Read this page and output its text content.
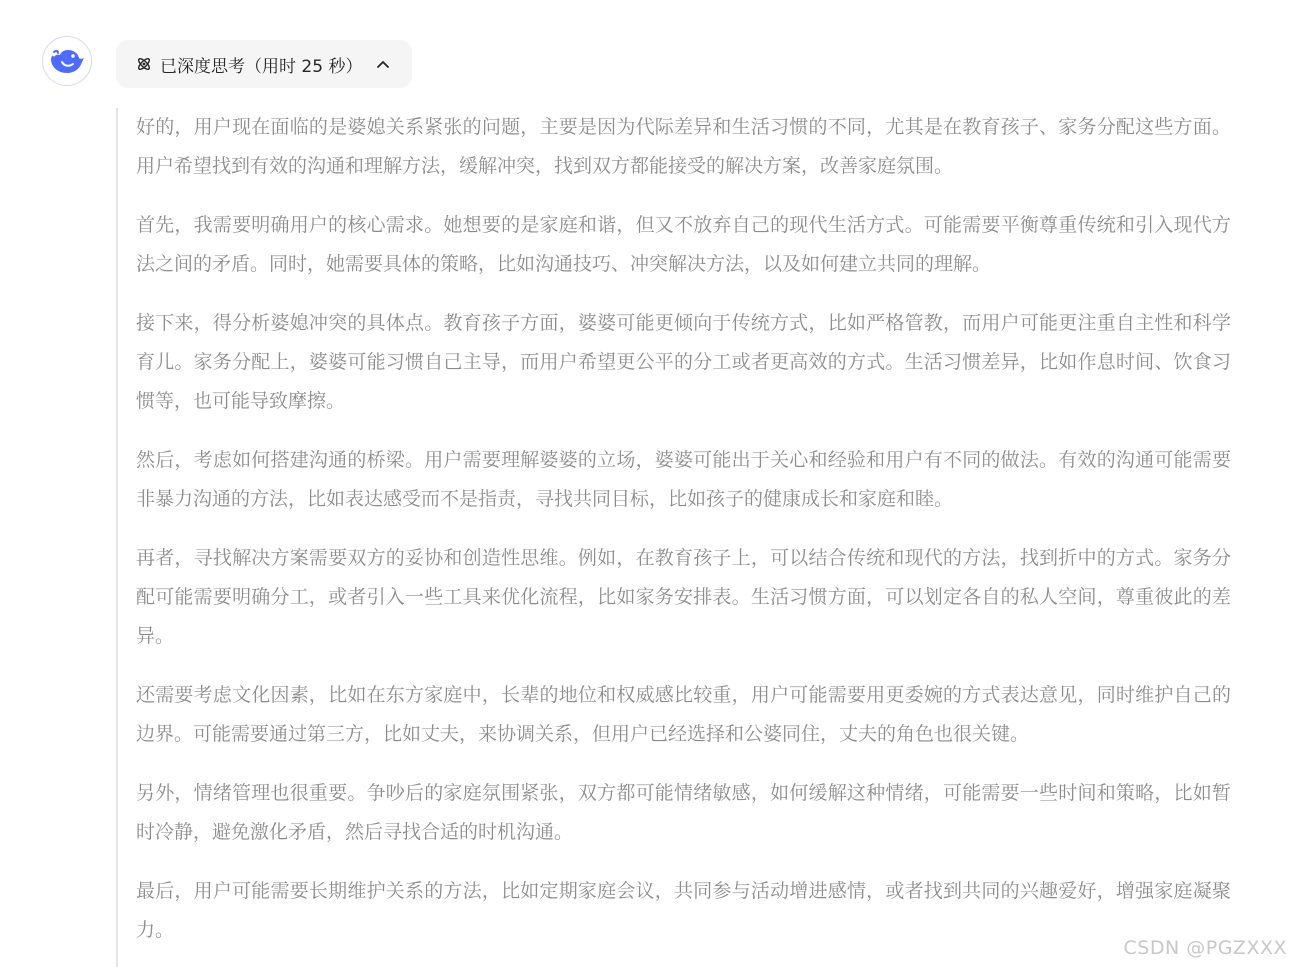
已深度思考（用时 25 秒）

好的，用户现在面临的是婆媳关系紧张的问题，主要是因为代际差异和生活习惯的不同，尤其是在教育孩子、家务分配这些方面。用户希望找到有效的沟通和理解方法，缓解冲突，找到双方都能接受的解决方案，改善家庭氛围。

首先，我需要明确用户的核心需求。她想要的是家庭和谐，但又不放弃自己的现代生活方式。可能需要平衡尊重传统和引入现代方法之间的矛盾。同时，她需要具体的策略，比如沟通技巧、冲突解决方法，以及如何建立共同的理解。

接下来，得分析婆媳冲突的具体点。教育孩子方面，婆婆可能更倾向于传统方式，比如严格管教，而用户可能更注重自主性和科学育儿。家务分配上，婆婆可能习惯自己主导，而用户希望更公平的分工或者更高效的方式。生活习惯差异，比如作息时间、饮食习惯等，也可能导致摩擦。

然后，考虑如何搭建沟通的桥梁。用户需要理解婆婆的立场，婆婆可能出于关心和经验和用户有不同的做法。有效的沟通可能需要非暴力沟通的方法，比如表达感受而不是指责，寻找共同目标，比如孩子的健康成长和家庭和睦。

再者，寻找解决方案需要双方的妥协和创造性思维。例如，在教育孩子上，可以结合传统和现代的方法，找到折中的方式。家务分配可能需要明确分工，或者引入一些工具来优化流程，比如家务安排表。生活习惯方面，可以划定各自的私人空间，尊重彼此的差异。

还需要考虑文化因素，比如在东方家庭中，长辈的地位和权威感比较重，用户可能需要用更委婉的方式表达意见，同时维护自己的边界。可能需要通过第三方，比如丈夫，来协调关系，但用户已经选择和公婆同住，丈夫的角色也很关键。

另外，情绪管理也很重要。争吵后的家庭氛围紧张，双方都可能情绪敏感，如何缓解这种情绪，可能需要一些时间和策略，比如暂时冷静，避免激化矛盾，然后寻找合适的时机沟通。

最后，用户可能需要长期维护关系的方法，比如定期家庭会议，共同参与活动增进感情，或者找到共同的兴趣爱好，增强家庭凝聚力。

CSDN @PGZXXX
